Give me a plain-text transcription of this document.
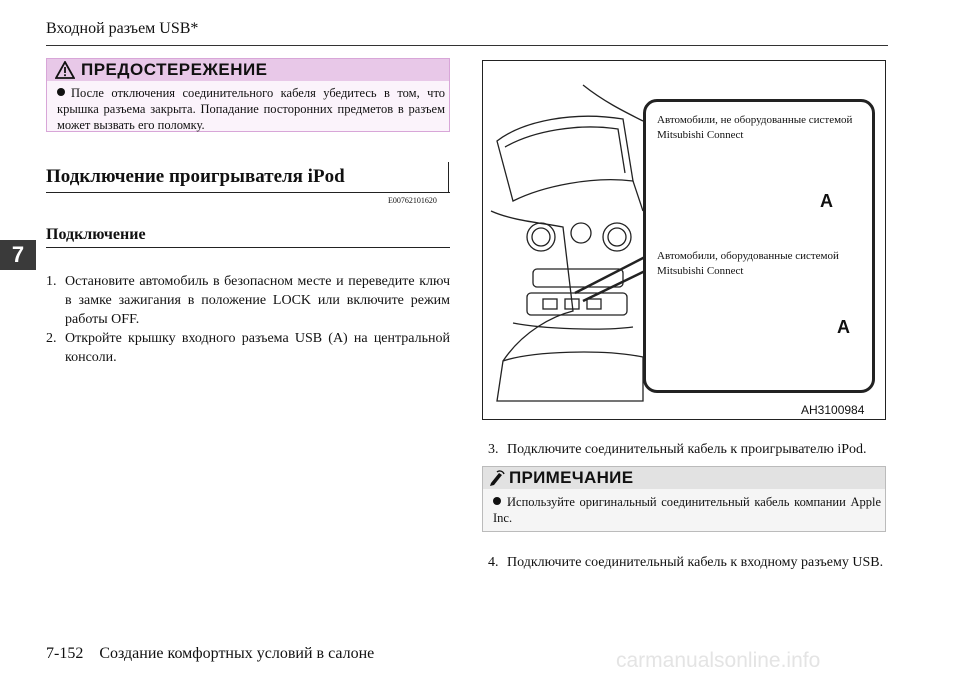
Входной разъем USB*
7
ПРЕДОСТЕРЕЖЕНИЕ
После отключения соединительного кабеля убедитесь в том, что крышка разъема закрыта. Попадание посторонних предметов в разъем может вызвать его поломку.
Подключение проигрывателя iPod
E00762101620
Подключение
1. Остановите автомобиль в безопасном месте и переведите ключ в замке зажигания в положение LOCK или включите режим работы OFF.
2. Откройте крышку входного разъема USB (A) на центральной консоли.
Автомобили, не оборудованные системой Mitsubishi Connect
Автомобили, оборудованные системой Mitsubishi Connect
A
A
AH3100984
3. Подключите соединительный кабель к проигрывателю iPod.
ПРИМЕЧАНИЕ
Используйте оригинальный соединительный кабель компании Apple Inc.
4. Подключите соединительный кабель к входному разъему USB.
7-152 Создание комфортных условий в салоне	carmanualsonline.info
